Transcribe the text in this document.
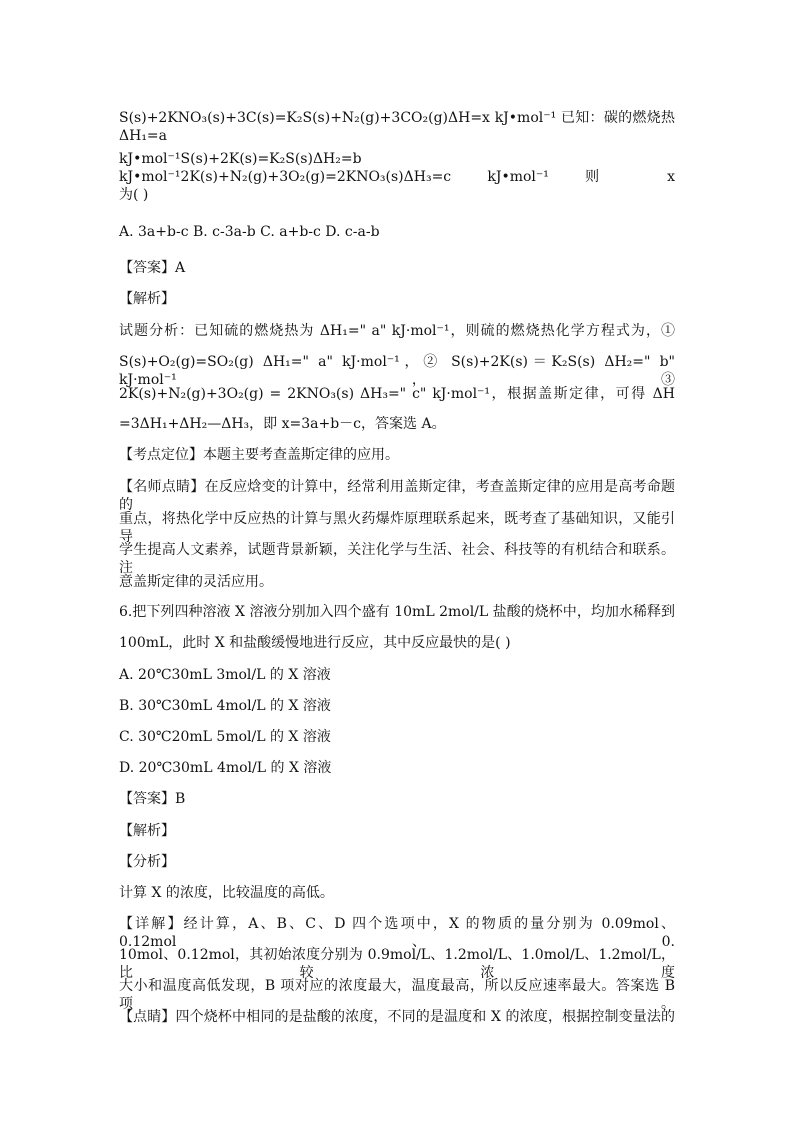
S(s)+2KNO₃(s)+3C(s)=K₂S(s)+N₂(g)+3CO₂(g)ΔH=x kJ•mol⁻¹ 已知：碳的燃烧热ΔH₁=a
kJ•mol⁻¹S(s)+2K(s)=K₂S(s)ΔH₂=b kJ•mol⁻¹2K(s)+N₂(g)+3O₂(g)=2KNO₃(s)ΔH₃=c kJ•mol⁻¹ 则 x
为( )
A. 3a+b-c B. c-3a-b C. a+b-c D. c-a-b
【答案】A
【解析】
试题分析：已知硫的燃烧热为 ΔH₁=" a" kJ·mol⁻¹，则硫的燃烧热化学方程式为，①
S(s)+O₂(g)=SO₂(g) ΔH₁=" a" kJ·mol⁻¹，② S(s)+2K(s)＝K₂S(s) ΔH₂=" b" kJ·mol⁻¹，③
2K(s)+N₂(g)+3O₂(g) = 2KNO₃(s) ΔH₃=" c" kJ·mol⁻¹，根据盖斯定律，可得 ΔH
=3ΔH₁+ΔH₂—ΔH₃，即 x=3a+b－c，答案选 A。
【考点定位】本题主要考查盖斯定律的应用。
【名师点睛】在反应焓变的计算中，经常利用盖斯定律，考查盖斯定律的应用是高考命题的
重点，将热化学中反应热的计算与黑火药爆炸原理联系起来，既考查了基础知识，又能引导
学生提高人文素养，试题背景新颖，关注化学与生活、社会、科技等的有机结合和联系。注
意盖斯定律的灵活应用。
6.把下列四种溶液 X 溶液分别加入四个盛有 10mL 2mol/L 盐酸的烧杯中，均加水稀释到
100mL，此时 X 和盐酸缓慢地进行反应，其中反应最快的是( )
A. 20℃30mL 3mol/L 的 X 溶液
B. 30℃30mL 4mol/L 的 X 溶液
C. 30℃20mL 5mol/L 的 X 溶液
D. 20℃30mL 4mol/L 的 X 溶液
【答案】B
【解析】
【分析】
计算 X 的浓度，比较温度的高低。
【详解】经计算，A、B、C、D 四个选项中，X 的物质的量分别为 0.09mol、0.12mol、0.
10mol、0.12mol，其初始浓度分别为 0.9mol/L、1.2mol/L、1.0mol/L、1.2mol/L，比较浓度
大小和温度高低发现，B 项对应的浓度最大，温度最高，所以反应速率最大。答案选 B 项。
【点睛】四个烧杯中相同的是盐酸的浓度，不同的是温度和 X 的浓度，根据控制变量法的
